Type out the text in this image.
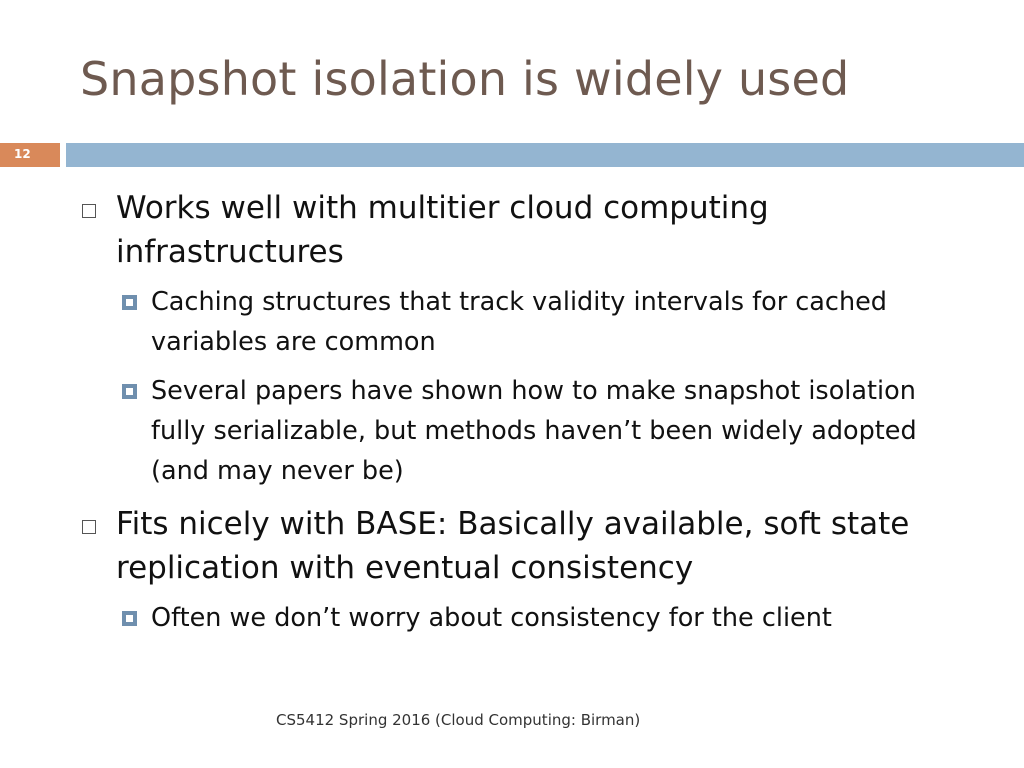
Snapshot isolation is widely used
12
Works well with multitier cloud computing infrastructures
Caching structures that track validity intervals for cached variables are common
Several papers have shown how to make snapshot isolation fully serializable, but methods haven’t been widely adopted (and may never be)
Fits nicely with BASE: Basically available, soft state replication with eventual consistency
Often we don’t worry about consistency for the client
CS5412 Spring 2016 (Cloud Computing: Birman)
